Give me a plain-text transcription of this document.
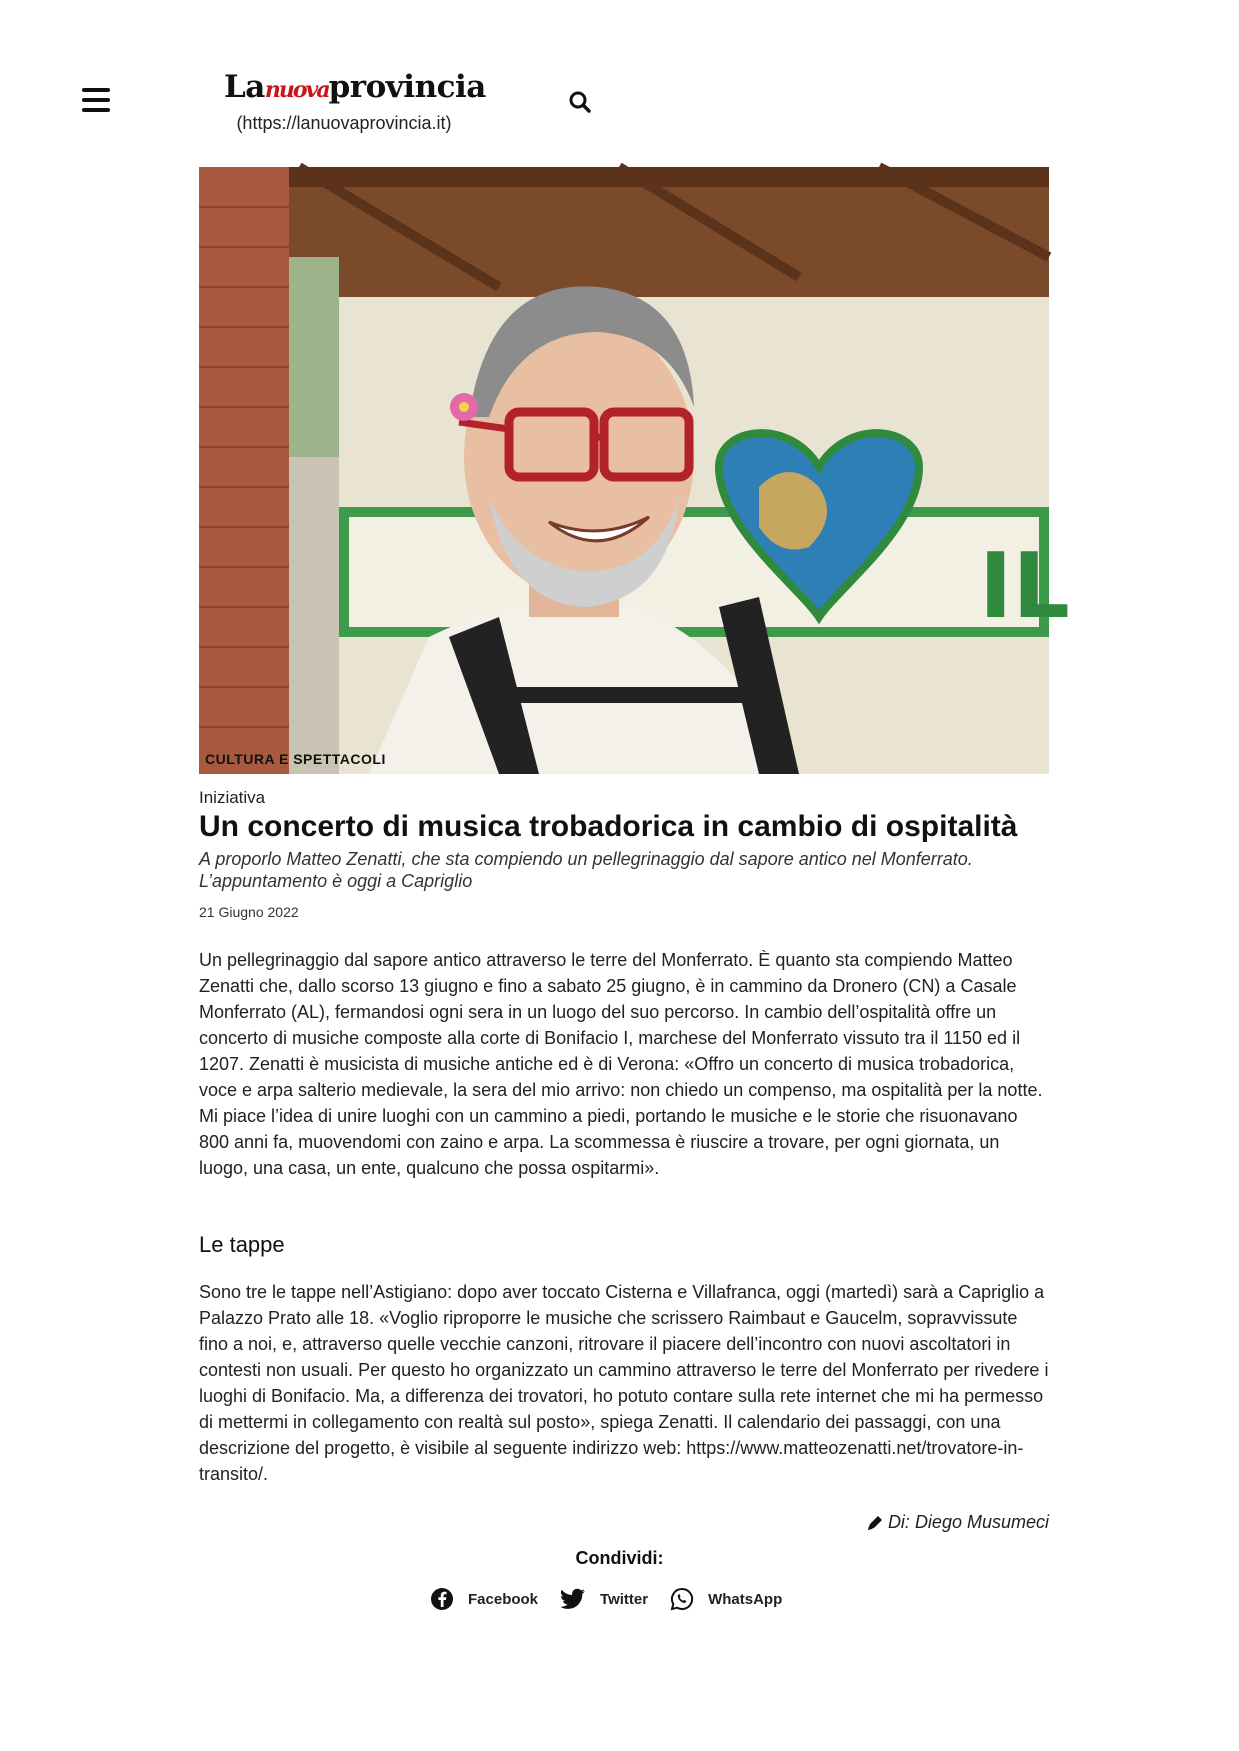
Lanuovaprovincia
(https://lanuovaprovincia.it)
IL
CULTURA E SPETTACOLI
Iniziativa
Un concerto di musica trobadorica in cambio di ospitalità

A proporlo Matteo Zenatti, che sta compiendo un pellegrinaggio dal sapore antico nel Monferrato. L’appuntamento è oggi a Capriglio

21 Giugno 2022

Un pellegrinaggio dal sapore antico attraverso le terre del Monferrato. È quanto sta compiendo Matteo Zenatti che, dallo scorso 13 giugno e fino a sabato 25 giugno, è in cammino da Dronero (CN) a Casale Monferrato (AL), fermandosi ogni sera in un luogo del suo percorso. In cambio dell’ospitalità offre un concerto di musiche composte alla corte di Bonifacio I, marchese del Monferrato vissuto tra il 1150 ed il 1207. Zenatti è musicista di musiche antiche ed è di Verona: «Offro un concerto di musica trobadorica, voce e arpa salterio medievale, la sera del mio arrivo: non chiedo un compenso, ma ospitalità per la notte. Mi piace l’idea di unire luoghi con un cammino a piedi, portando le musiche e le storie che risuonavano 800 anni fa, muovendomi con zaino e arpa. La scommessa è riuscire a trovare, per ogni giornata, un luogo, una casa, un ente, qualcuno che possa ospitarmi».

Le tappe

Sono tre le tappe nell’Astigiano: dopo aver toccato Cisterna e Villafranca, oggi (martedì) sarà a Capriglio a Palazzo Prato alle 18. «Voglio riproporre le musiche che scrissero Raimbaut e Gaucelm, sopravvissute fino a noi, e, attraverso quelle vecchie canzoni, ritrovare il piacere dell’incontro con nuovi ascoltatori in contesti non usuali. Per questo ho organizzato un cammino attraverso le terre del Monferrato per rivedere i luoghi di Bonifacio. Ma, a differenza dei trovatori, ho potuto contare sulla rete internet che mi ha permesso di mettermi in collegamento con realtà sul posto», spiega Zenatti. Il calendario dei passaggi, con una descrizione del progetto, è visibile al seguente indirizzo web: https://www.matteozenatti.net/trovatore-in-transito/.

Di: Diego Musumeci
Condividi:
Facebook	Twitter	WhatsApp
